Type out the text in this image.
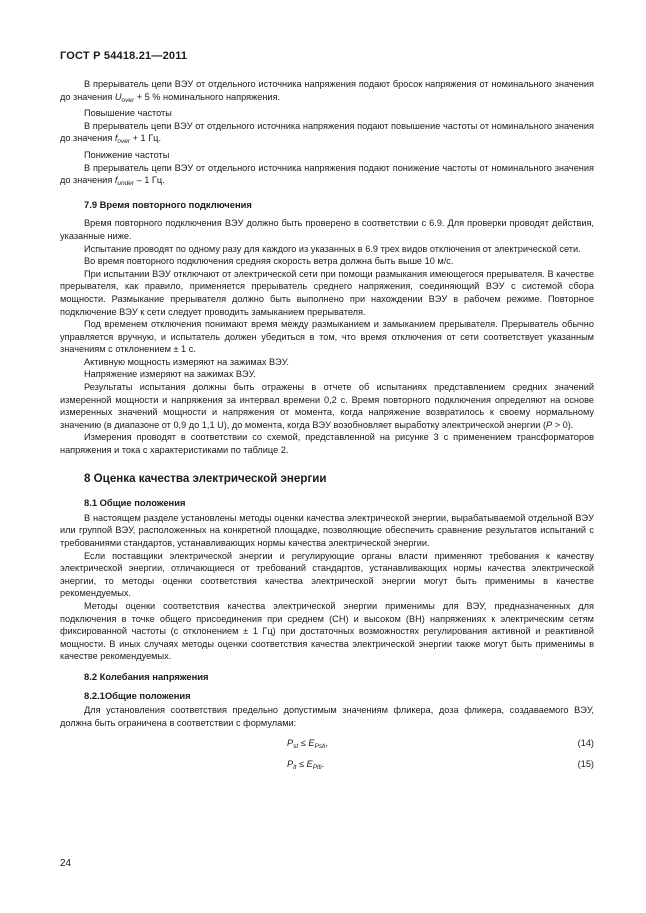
ГОСТ Р 54418.21—2011

В прерыватель цепи ВЭУ от отдельного источника напряжения подают бросок напряжения от номинального значения до значения $U_{over} + 5$ % номинального напряжения.

Повышение частоты

В прерыватель цепи ВЭУ от отдельного источника напряжения подают повышение частоты от номинального значения до значения $f_{over} + 1$ Гц.

Понижение частоты

В прерыватель цепи ВЭУ от отдельного источника напряжения подают понижение частоты от номинального значения до значения $f_{under} - 1$ Гц.

7.9 Время повторного подключения

Время повторного подключения ВЭУ должно быть проверено в соответствии с 6.9. Для проверки проводят действия, указанные ниже.

Испытание проводят по одному разу для каждого из указанных в 6.9 трех видов отключения от электрической сети.

Во время повторного подключения средняя скорость ветра должна быть выше 10 м/с.

При испытании ВЭУ отключают от электрической сети при помощи размыкания имеющегося прерывателя. В качестве прерывателя, как правило, применяется прерыватель среднего напряжения, соединяющий ВЭУ с системой сбора мощности. Размыкание прерывателя должно быть выполнено при нахождении ВЭУ в рабочем режиме. Повторное подключение ВЭУ к сети следует проводить замыканием прерывателя.

Под временем отключения понимают время между размыканием и замыканием прерывателя. Прерыватель обычно управляется вручную, и испытатель должен убедиться в том, что время отключения от сети соответствует указанным значениям с отклонением ± 1 с.

Активную мощность измеряют на зажимах ВЭУ.

Напряжение измеряют на зажимах ВЭУ.

Результаты испытания должны быть отражены в отчете об испытаниях представлением средних значений измеренной мощности и напряжения за интервал времени 0,2 с. Время повторного подключения определяют на основе измеренных значений мощности и напряжения от момента, когда напряжение возвратилось к своему нормальному значению (в диапазоне от 0,9 до 1,1 U), до момента, когда ВЭУ возобновляет выработку электрической энергии (P > 0).

Измерения проводят в соответствии со схемой, представленной на рисунке 3 с применением трансформаторов напряжения и тока с характеристиками по таблице 2.

8 Оценка качества электрической энергии
8.1 Общие положения

В настоящем разделе установлены методы оценки качества электрической энергии, вырабатываемой отдельной ВЭУ или группой ВЭУ, расположенных на конкретной площадке, позволяющие обеспечить сравнение результатов испытаний с требованиями стандартов, устанавливающих нормы качества электрической энергии.

Если поставщики электрической энергии и регулирующие органы власти применяют требования к качеству электрической энергии, отличающиеся от требований стандартов, устанавливающих нормы качества электрической энергии, то методы оценки соответствия качества электрической энергии могут быть применимы в качестве рекомендуемых.

Методы оценки соответствия качества электрической энергии применимы для ВЭУ, предназначенных для подключения в точке общего присоединения при среднем (СН) и высоком (ВН) напряжениях к электрическим сетям фиксированной частоты (с отклонением ± 1 Гц) при достаточных возможностях регулирования активной и реактивной мощности. В иных случаях методы оценки соответствия качества электрической энергии также могут быть применимы в качестве рекомендуемых.

8.2 Колебания напряжения
8.2.1Общие положения

Для установления соответствия предельно допустимым значениям фликера, доза фликера, создаваемого ВЭУ, должна быть ограничена в соответствии с формулами:

$P_{st} \le E_{Psti}$,	(14)
$P_{lt} \le E_{Plti}$.	(15)
24
